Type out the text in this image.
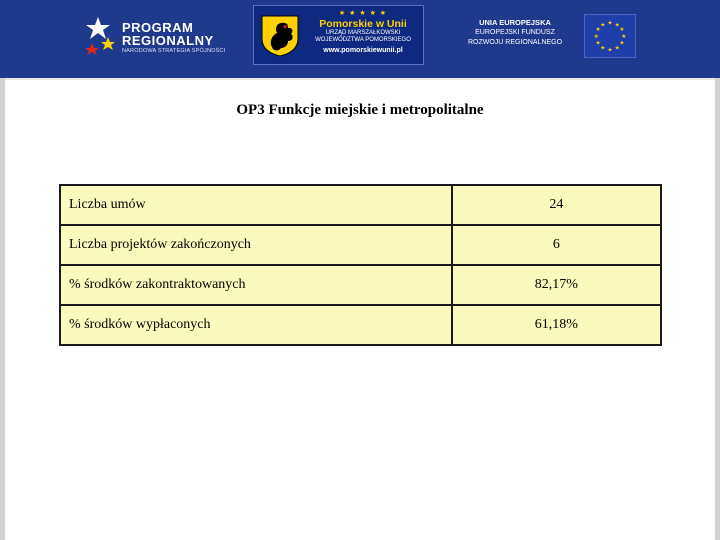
PROGRAM
REGIONALNY
NARODOWA STRATEGIA SPÓJNOŚCI
★ ★ ★ ★ ★
Pomorskie w Unii
URZĄD MARSZAŁKOWSKI
WOJEWÓDZTWA POMORSKIEGO
www.pomorskiewunii.pl
UNIA EUROPEJSKA
EUROPEJSKI FUNDUSZ
ROZWOJU REGIONALNEGO
★ ★
★
★
★
★
★
★
★
★
★
★
OP3 Funkcje miejskie i metropolitalne
Liczba umów	24
Liczba projektów zakończonych	6
% środków zakontraktowanych	82,17%
% środków wypłaconych	61,18%
